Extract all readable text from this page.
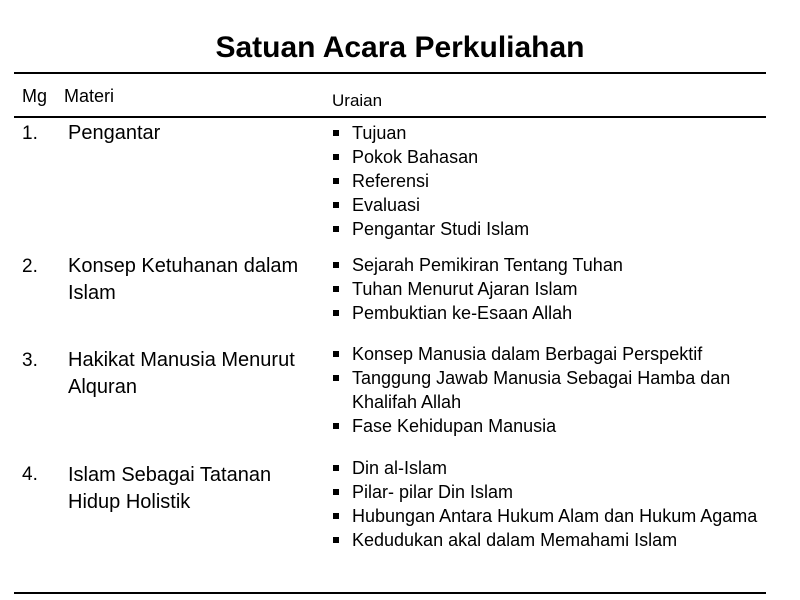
Satuan Acara Perkuliahan
Mg Materi	Uraian
1. Pengantar	Tujuan
Pokok Bahasan
Referensi
Evaluasi
Pengantar Studi Islam
2. Konsep Ketuhanan dalam Islam
Sejarah Pemikiran Tentang Tuhan
Tuhan Menurut Ajaran Islam
Pembuktian ke-Esaan Allah
3. Hakikat Manusia Menurut Alquran
Konsep Manusia dalam Berbagai Perspektif
Tanggung Jawab Manusia Sebagai Hamba dan Khalifah Allah
Fase Kehidupan Manusia
4. Islam Sebagai Tatanan Hidup Holistik
Din al-Islam
Pilar- pilar Din Islam
Hubungan Antara Hukum Alam dan Hukum Agama
Kedudukan akal dalam Memahami Islam
